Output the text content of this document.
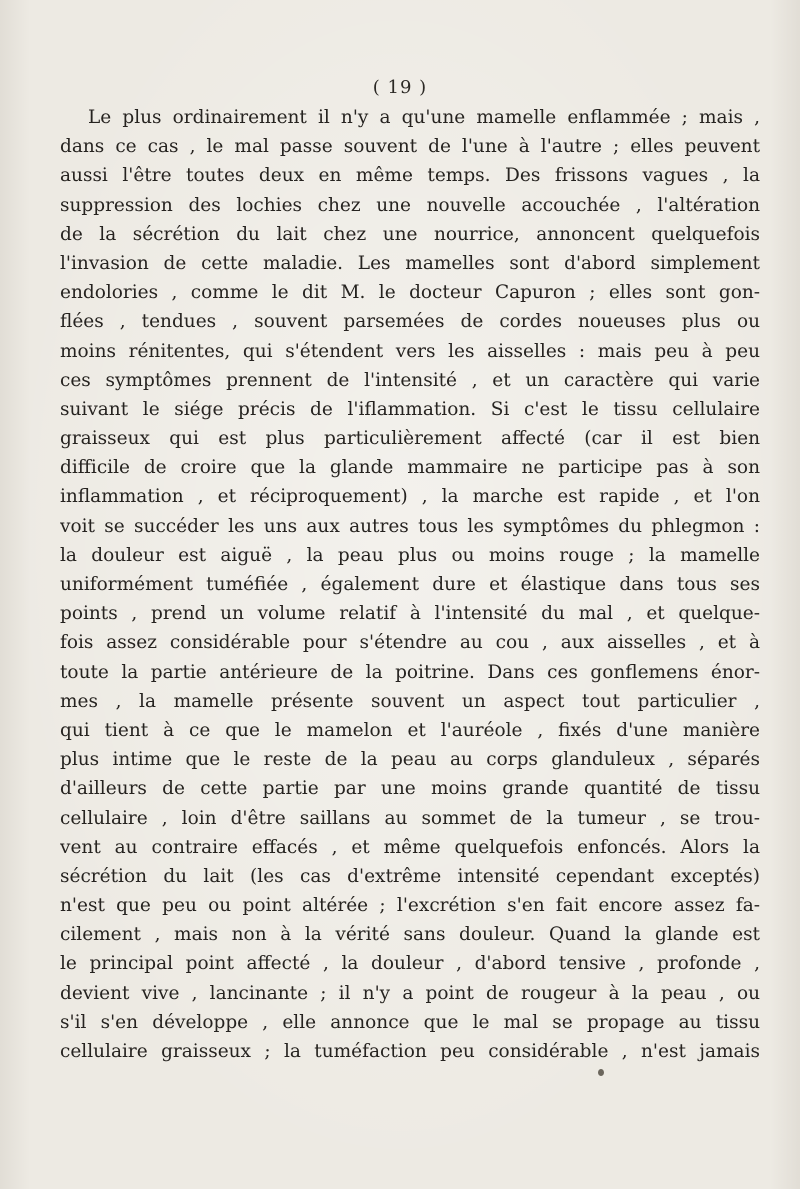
( 19 )
Le plus ordinairement il n'y a qu'une mamelle enflammée ; mais ,
dans ce cas , le mal passe souvent de l'une à l'autre ; elles peuvent
aussi l'être toutes deux en même temps. Des frissons vagues , la
suppression des lochies chez une nouvelle accouchée , l'altération
de la sécrétion du lait chez une nourrice, annoncent quelquefois
l'invasion de cette maladie. Les mamelles sont d'abord simplement
endolories , comme le dit M. le docteur Capuron ; elles sont gon-
flées , tendues , souvent parsemées de cordes noueuses plus ou
moins rénitentes, qui s'étendent vers les aisselles : mais peu à peu
ces symptômes prennent de l'intensité , et un caractère qui varie
suivant le siége précis de l'iflammation. Si c'est le tissu cellulaire
graisseux qui est plus particulièrement affecté (car il est bien
difficile de croire que la glande mammaire ne participe pas à son
inflammation , et réciproquement) , la marche est rapide , et l'on
voit se succéder les uns aux autres tous les symptômes du phlegmon :
la douleur est aiguë , la peau plus ou moins rouge ; la mamelle
uniformément tuméfiée , également dure et élastique dans tous ses
points , prend un volume relatif à l'intensité du mal , et quelque-
fois assez considérable pour s'étendre au cou , aux aisselles , et à
toute la partie antérieure de la poitrine. Dans ces gonflemens énor-
mes , la mamelle présente souvent un aspect tout particulier ,
qui tient à ce que le mamelon et l'auréole , fixés d'une manière
plus intime que le reste de la peau au corps glanduleux , séparés
d'ailleurs de cette partie par une moins grande quantité de tissu
cellulaire , loin d'être saillans au sommet de la tumeur , se trou-
vent au contraire effacés , et même quelquefois enfoncés. Alors la
sécrétion du lait (les cas d'extrême intensité cependant exceptés)
n'est que peu ou point altérée ; l'excrétion s'en fait encore assez fa-
cilement , mais non à la vérité sans douleur. Quand la glande est
le principal point affecté , la douleur , d'abord tensive , profonde ,
devient vive , lancinante ; il n'y a point de rougeur à la peau , ou
s'il s'en développe , elle annonce que le mal se propage au tissu
cellulaire graisseux ; la tuméfaction peu considérable , n'est jamais
